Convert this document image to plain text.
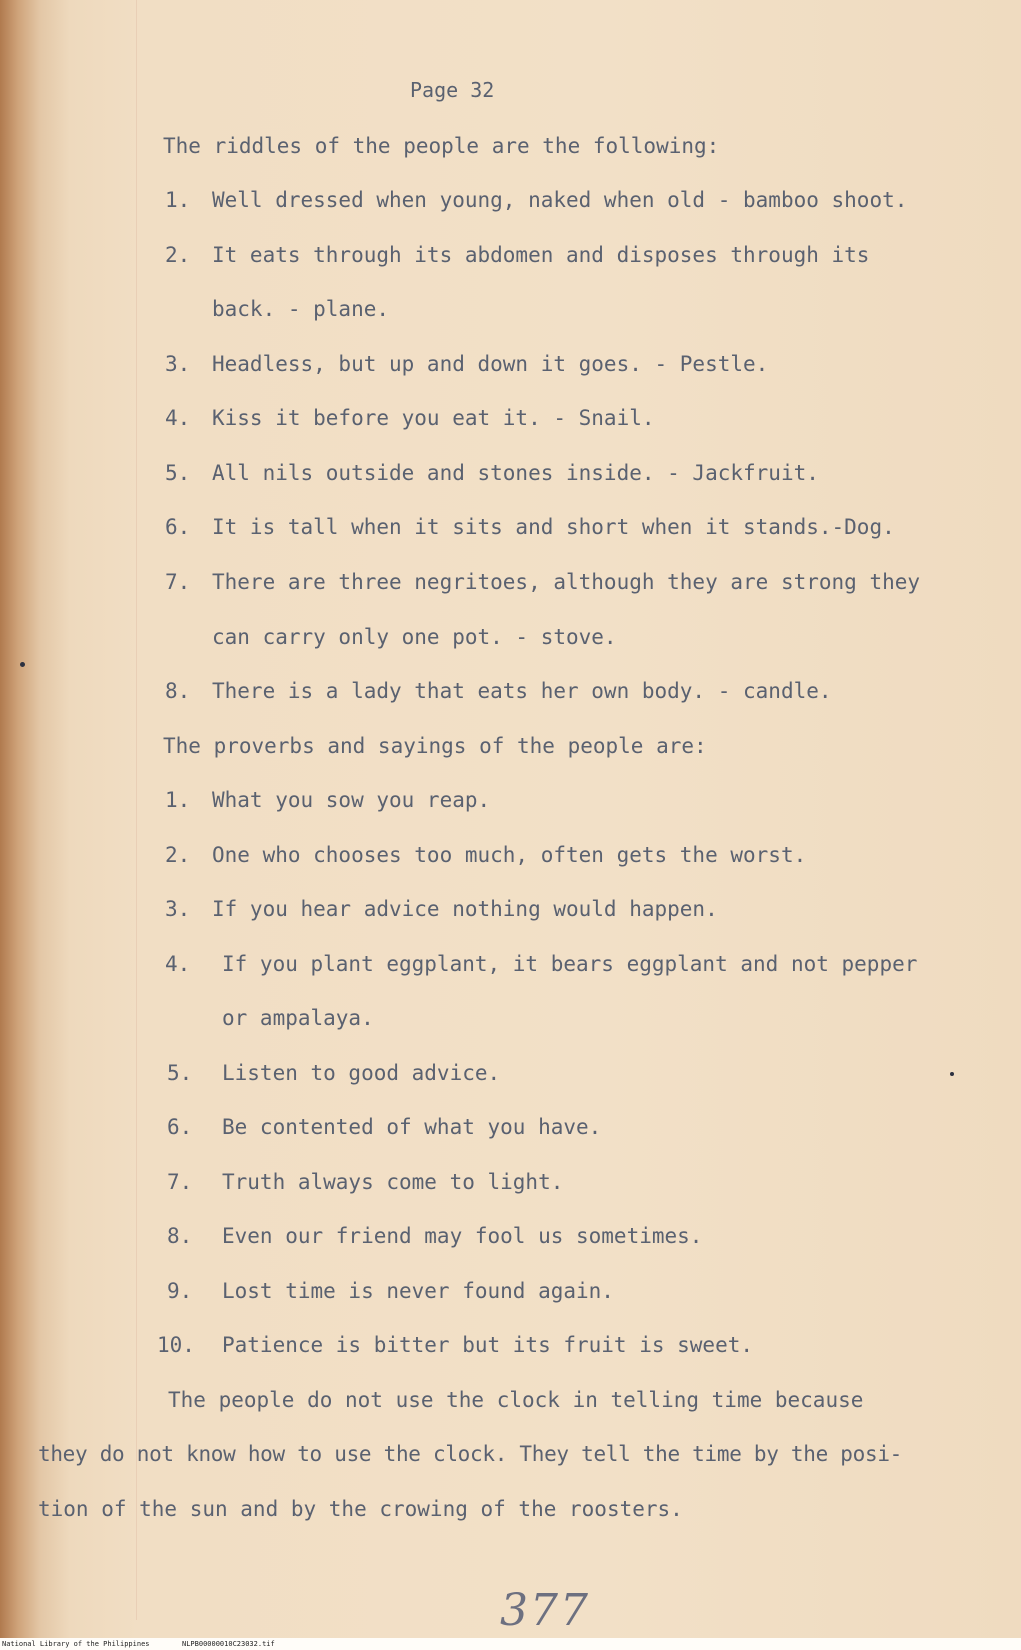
Page 32
The riddles of the people are the following:
1. Well dressed when young, naked when old - bamboo shoot.
2. It eats through its abdomen and disposes through its
back. - plane.
3. Headless, but up and down it goes. - Pestle.
4. Kiss it before you eat it. - Snail.
5. All nils outside and stones inside. - Jackfruit.
6. It is tall when it sits and short when it stands.-Dog.
7. There are three negritoes, although they are strong they
can carry only one pot. - stove.
8. There is a lady that eats her own body. - candle.
The proverbs and sayings of the people are:
1. What you sow you reap.
2. One who chooses too much, often gets the worst.
3. If you hear advice nothing would happen.
4. If you plant eggplant, it bears eggplant and not pepper
or ampalaya.
5. Listen to good advice.
6. Be contented of what you have.
7. Truth always come to light.
8. Even our friend may fool us sometimes.
9. Lost time is never found again.
10. Patience is bitter but its fruit is sweet.
The people do not use the clock in telling time because
they do not know how to use the clock. They tell the time by the posi-
tion of the sun and by the crowing of the roosters.
377
National Library of the Philippines	NLPB00000010C23032.tif
